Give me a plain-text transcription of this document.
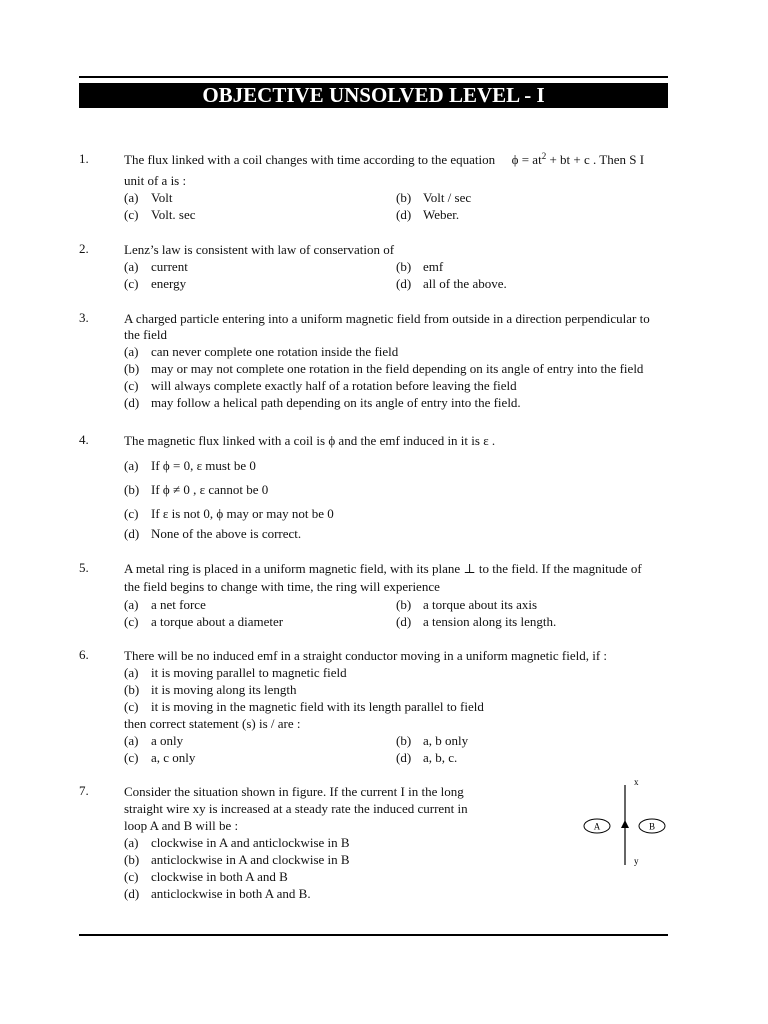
OBJECTIVE UNSOLVED LEVEL - I
1.	The flux linked with a coil changes with time according to the equation $\phi = at^2$ + bt + c . Then S I
unit of a is :
(a) Volt	(b) Volt / sec
(c) Volt. sec	(d) Weber.
2.	Lenz’s law is consistent with law of conservation of
(a) current	(b) emf
(c) energy	(d) all of the above.
3.	A charged particle entering into a uniform magnetic field from outside in a direction perpendicular to
the field
(a) can never complete one rotation inside the field
(b) may or may not complete one rotation in the field depending on its angle of entry into the field
(c) will always complete exactly half of a rotation before leaving the field
(d) may follow a helical path depending on its angle of entry into the field.
4.	The magnetic flux linked with a coil is ϕ and the emf induced in it is ε .
(a) If ϕ = 0, ε must be 0
(b) If ϕ ≠ 0 , ε cannot be 0
(c) If ε is not 0, ϕ may or may not be 0
(d) None of the above is correct.
5.	A metal ring is placed in a uniform magnetic field, with its plane ⊥ to the field. If the magnitude of
the field begins to change with time, the ring will experience
(a) a net force	(b) a torque about its axis
(c) a torque about a diameter	(d) a tension along its length.
6.	There will be no induced emf in a straight conductor moving in a uniform magnetic field, if :
(a) it is moving parallel to magnetic field
(b) it is moving along its length
(c) it is moving in the magnetic field with its length parallel to field
then correct statement (s) is / are :
(a) a only	(b) a, b only
(c) a, c only	(d) a, b, c.
7.	Consider the situation shown in figure. If the current I in the long
straight wire xy is increased at a steady rate the induced current in
loop A and B will be :
(a) clockwise in A and anticlockwise in B
(b) anticlockwise in A and clockwise in B
(c) clockwise in both A and B
(d) anticlockwise in both A and B.
x
y
A	B
